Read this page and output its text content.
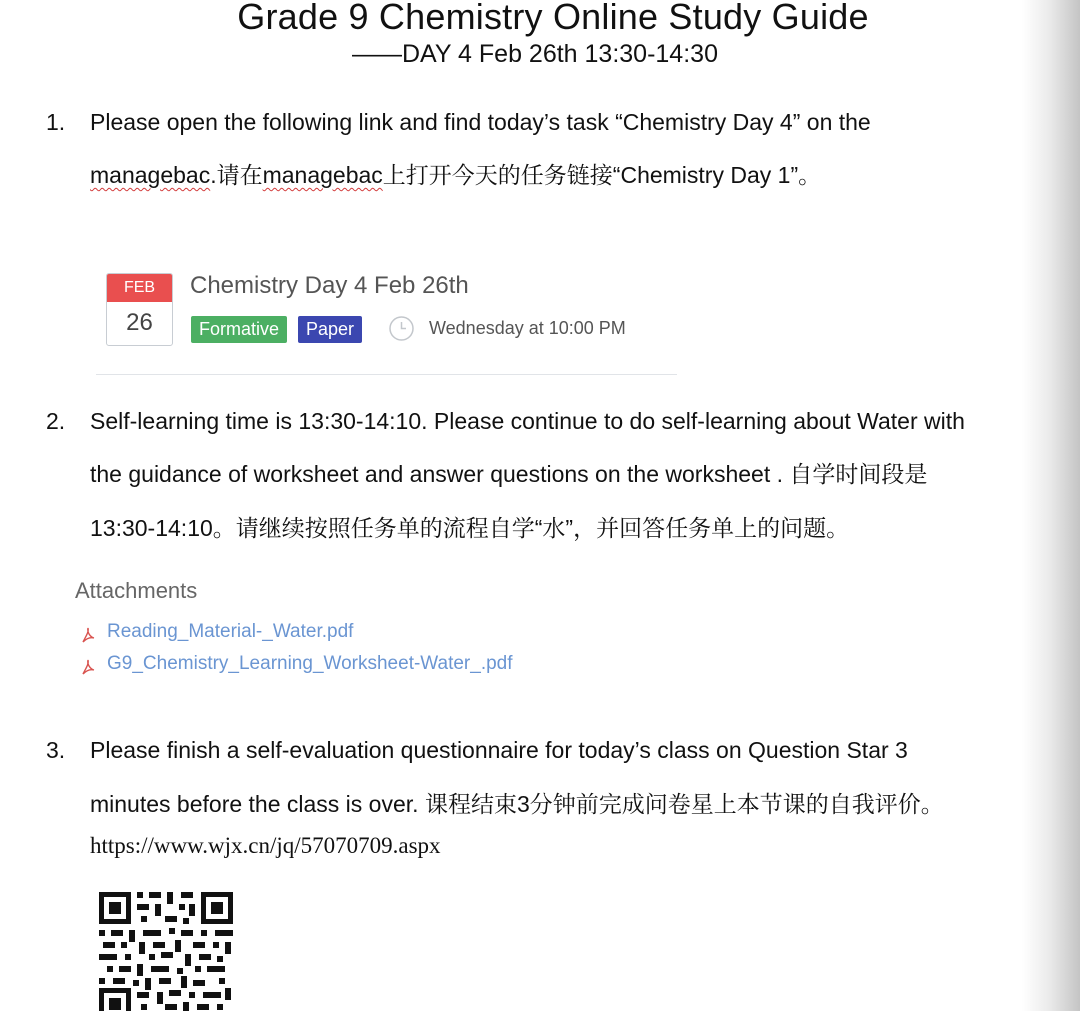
Grade 9 Chemistry Online Study Guide
——DAY 4 Feb 26th 13:30-14:30
1. Please open the following link and find today’s task “Chemistry Day 4” on the
managebac.请在managebac上打开今天的任务链接“Chemistry Day 1”。
FEB
26
Chemistry Day 4 Feb 26th
Formative	Paper	Wednesday at 10:00 PM
2. Self-learning time is 13:30-14:10. Please continue to do self-learning about Water with
the guidance of worksheet and answer questions on the worksheet . 自学时间段是
13:30-14:10。请继续按照任务单的流程自学“水”，并回答任务单上的问题。
Attachments
Reading_Material-_Water.pdf
G9_Chemistry_Learning_Worksheet-Water_.pdf
3. Please finish a self-evaluation questionnaire for today’s class on Question Star 3
minutes before the class is over. 课程结束3分钟前完成问卷星上本节课的自我评价。
https://www.wjx.cn/jq/57070709.aspx
